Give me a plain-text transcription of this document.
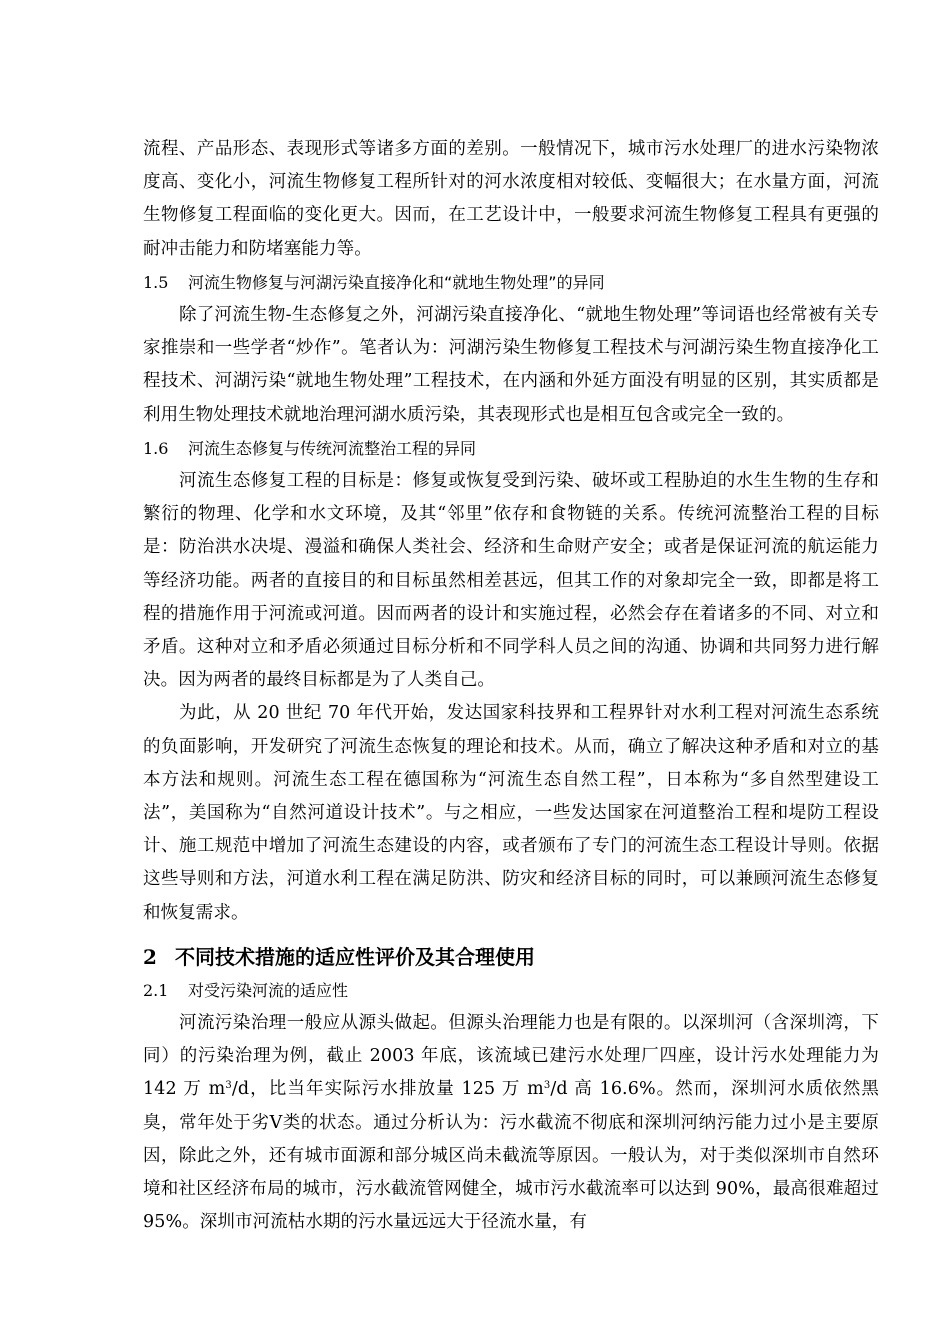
流程、产品形态、表现形式等诸多方面的差别。一般情况下，城市污水处理厂的进水污染物浓度高、变化小，河流生物修复工程所针对的河水浓度相对较低、变幅很大；在水量方面，河流生物修复工程面临的变化更大。因而，在工艺设计中，一般要求河流生物修复工程具有更强的耐冲击能力和防堵塞能力等。

1.5 河流生物修复与河湖污染直接净化和“就地生物处理”的异同

除了河流生物-生态修复之外，河湖污染直接净化、“就地生物处理”等词语也经常被有关专家推崇和一些学者“炒作”。笔者认为：河湖污染生物修复工程技术与河湖污染生物直接净化工程技术、河湖污染“就地生物处理”工程技术，在内涵和外延方面没有明显的区别，其实质都是利用生物处理技术就地治理河湖水质污染，其表现形式也是相互包含或完全一致的。

1.6 河流生态修复与传统河流整治工程的异同

河流生态修复工程的目标是：修复或恢复受到污染、破坏或工程胁迫的水生生物的生存和繁衍的物理、化学和水文环境，及其“邻里”依存和食物链的关系。传统河流整治工程的目标是：防治洪水决堤、漫溢和确保人类社会、经济和生命财产安全；或者是保证河流的航运能力等经济功能。两者的直接目的和目标虽然相差甚远，但其工作的对象却完全一致，即都是将工程的措施作用于河流或河道。因而两者的设计和实施过程，必然会存在着诸多的不同、对立和矛盾。这种对立和矛盾必须通过目标分析和不同学科人员之间的沟通、协调和共同努力进行解决。因为两者的最终目标都是为了人类自己。

为此，从 20 世纪 70 年代开始，发达国家科技界和工程界针对水利工程对河流生态系统的负面影响，开发研究了河流生态恢复的理论和技术。从而，确立了解决这种矛盾和对立的基本方法和规则。河流生态工程在德国称为“河流生态自然工程”，日本称为“多自然型建设工法”，美国称为“自然河道设计技术”。与之相应，一些发达国家在河道整治工程和堤防工程设计、施工规范中增加了河流生态建设的内容，或者颁布了专门的河流生态工程设计导则。依据这些导则和方法，河道水利工程在满足防洪、防灾和经济目标的同时，可以兼顾河流生态修复和恢复需求。

2 不同技术措施的适应性评价及其合理使用
2.1 对受污染河流的适应性

河流污染治理一般应从源头做起。但源头治理能力也是有限的。以深圳河（含深圳湾，下同）的污染治理为例，截止 2003 年底，该流域已建污水处理厂四座，设计污水处理能力为 142 万 $m^3/d$，比当年实际污水排放量 125 万 $m^3/d$ 高 16.6%。然而，深圳河水质依然黑臭，常年处于劣Ⅴ类的状态。通过分析认为：污水截流不彻底和深圳河纳污能力过小是主要原因，除此之外，还有城市面源和部分城区尚未截流等原因。一般认为，对于类似深圳市自然环境和社区经济布局的城市，污水截流管网健全，城市污水截流率可以达到 90%，最高很难超过 95%。深圳市河流枯水期的污水量远远大于径流水量，有
